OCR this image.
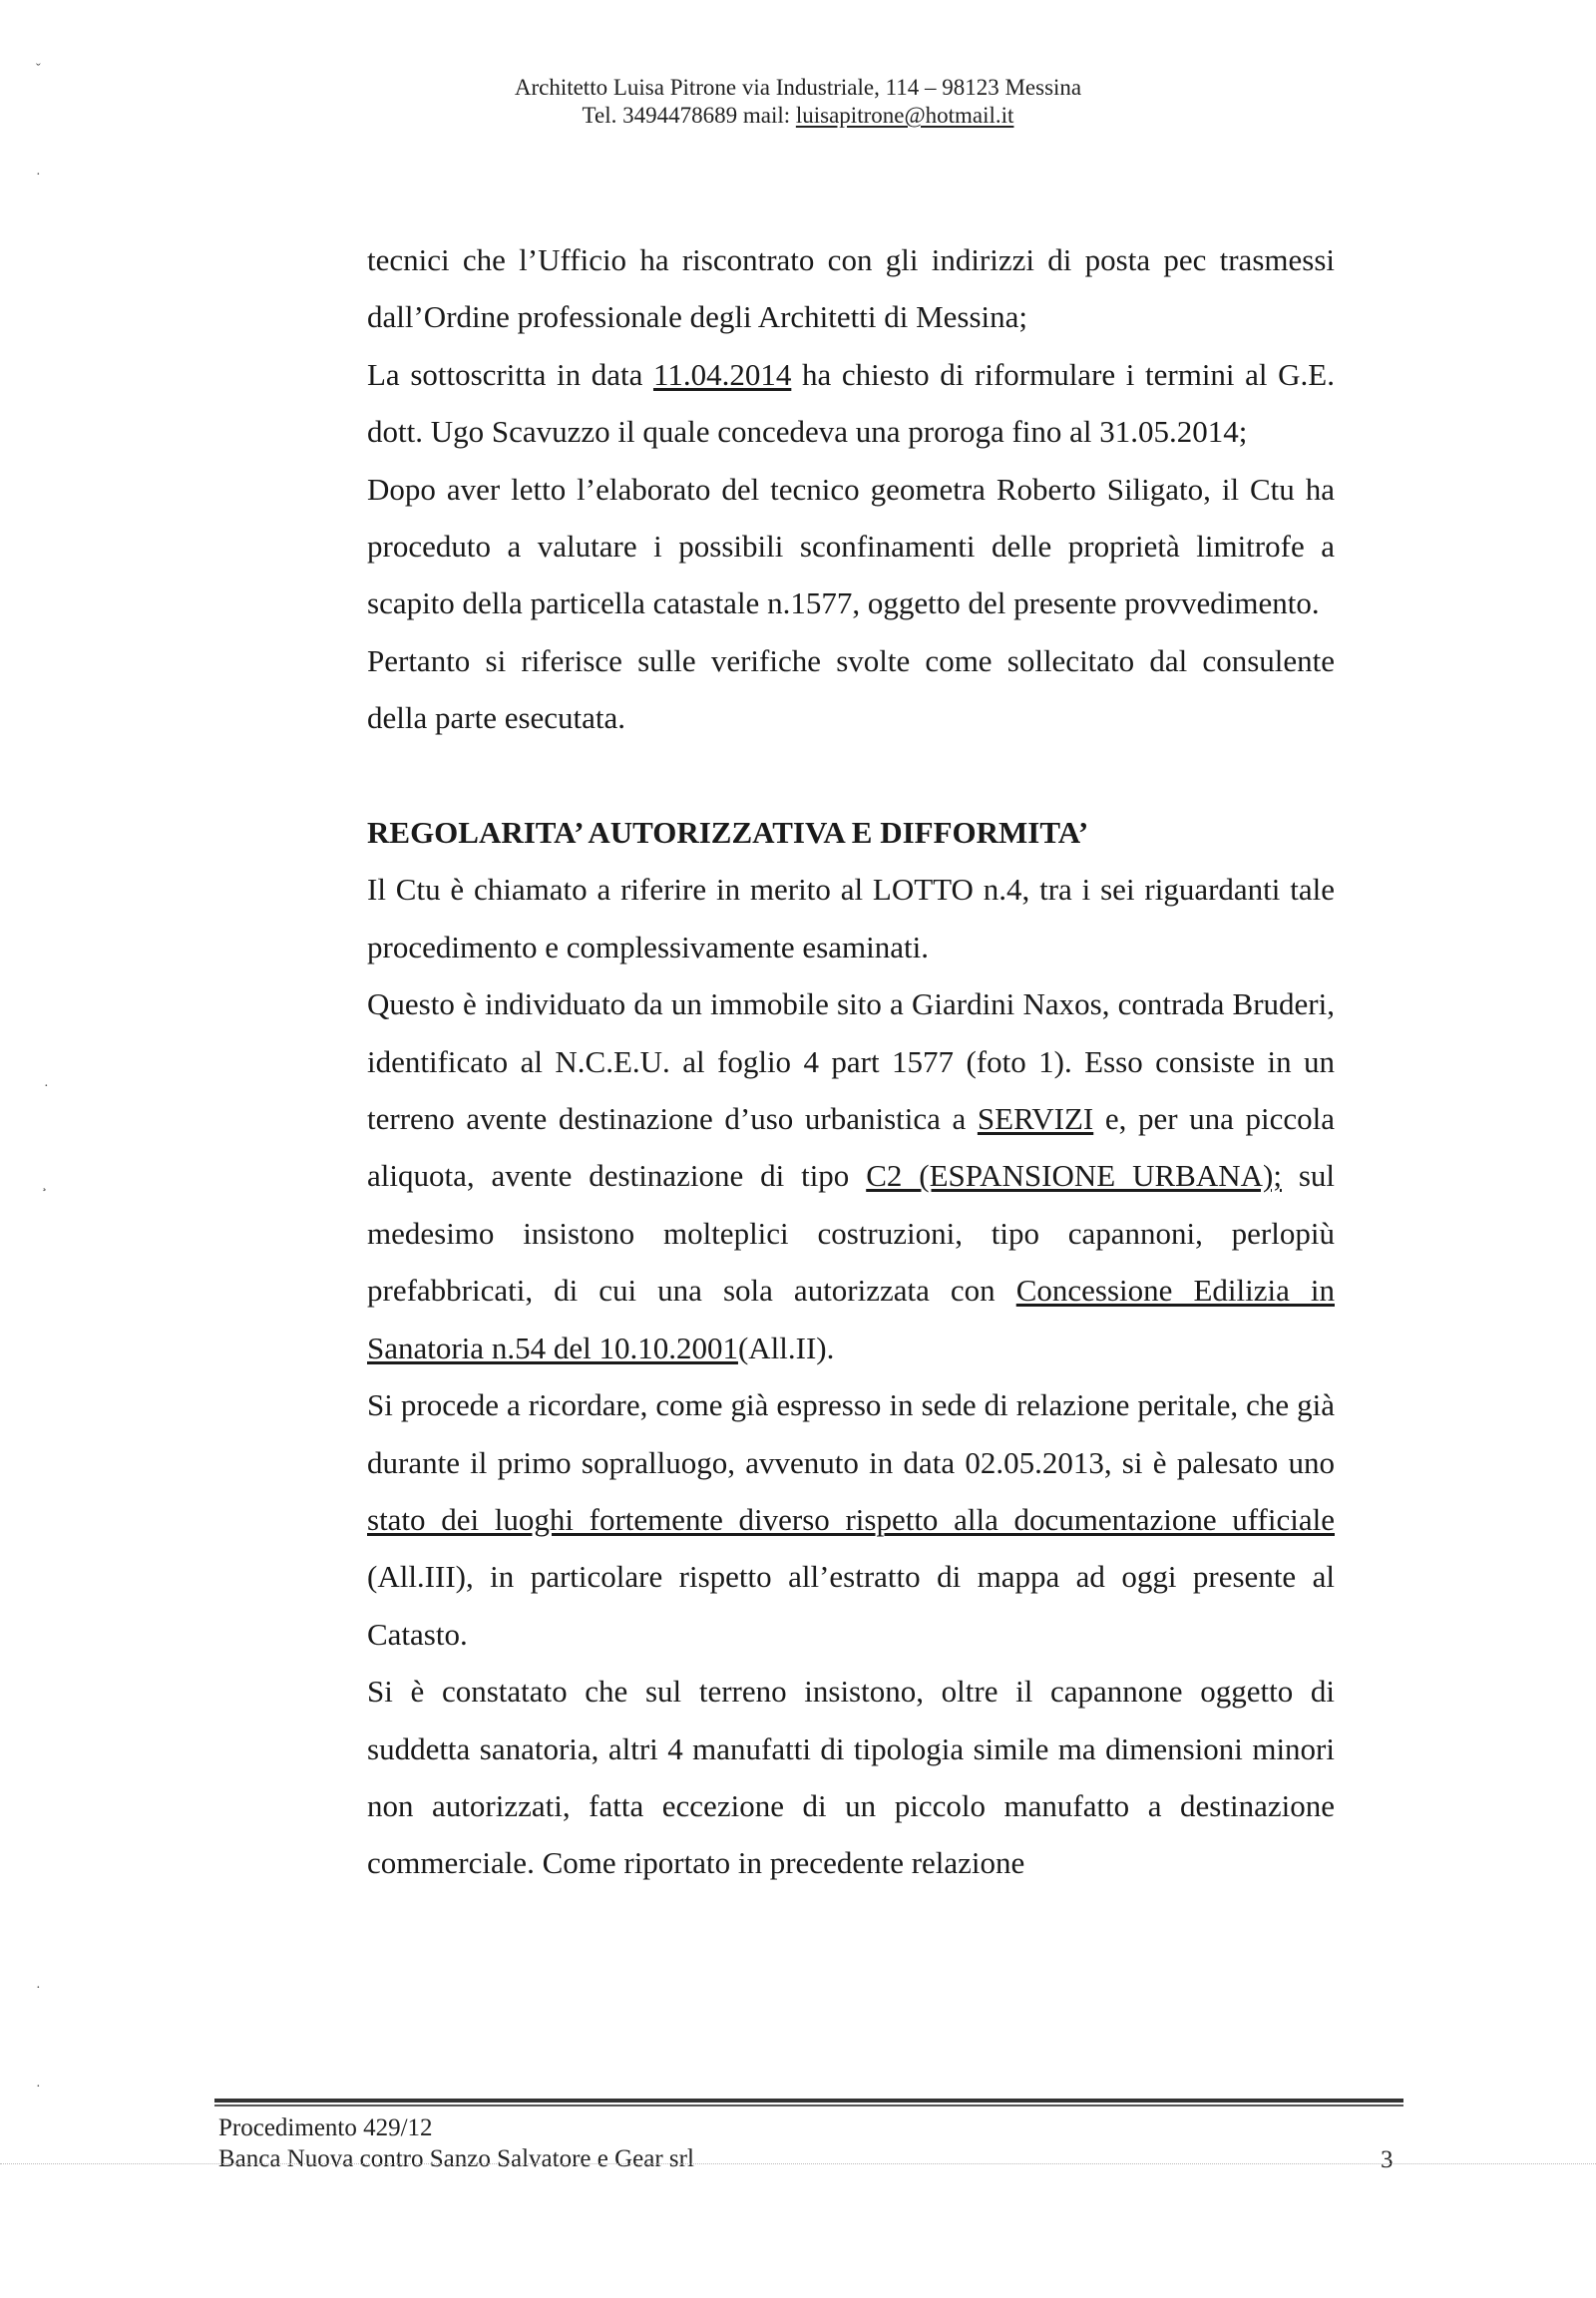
Architetto Luisa Pitrone via Industriale, 114 – 98123 Messina
Tel. 3494478689 mail: luisapitrone@hotmail.it
ˇ
·
·
¸
·
·

tecnici che l’Ufficio ha riscontrato con gli indirizzi di posta pec trasmessi dall’Ordine professionale degli Architetti di Messina;

La sottoscritta in data 11.04.2014 ha chiesto di riformulare i termini al G.E. dott. Ugo Scavuzzo il quale concedeva una proroga fino al 31.05.2014;

Dopo aver letto l’elaborato del tecnico geometra Roberto Siligato, il Ctu ha proceduto a valutare i possibili sconfinamenti delle proprietà limitrofe a scapito della particella catastale n.1577, oggetto del presente provvedimento.

Pertanto si riferisce sulle verifiche svolte come sollecitato dal consulente della parte esecutata.

REGOLARITA’ AUTORIZZATIVA E DIFFORMITA’

Il Ctu è chiamato a riferire in merito al LOTTO n.4, tra i sei riguardanti tale procedimento e complessivamente esaminati.

Questo è individuato da un immobile sito a Giardini Naxos, contrada Bruderi, identificato al N.C.E.U. al foglio 4 part 1577 (foto 1). Esso consiste in un terreno avente destinazione d’uso urbanistica a SERVIZI e, per una piccola aliquota, avente destinazione di tipo C2 (ESPANSIONE URBANA); sul medesimo insistono molteplici costruzioni, tipo capannoni, perlopiù prefabbricati, di cui una sola autorizzata con Concessione Edilizia in Sanatoria n.54 del 10.10.2001(All.II).

Si procede a ricordare, come già espresso in sede di relazione peritale, che già durante il primo sopralluogo, avvenuto in data 02.05.2013, si è palesato uno stato dei luoghi fortemente diverso rispetto alla documentazione ufficiale (All.III), in particolare rispetto all’estratto di mappa ad oggi presente al Catasto.

Si è constatato che sul terreno insistono, oltre il capannone oggetto di suddetta sanatoria, altri 4 manufatti di tipologia simile ma dimensioni minori non autorizzati, fatta eccezione di un piccolo manufatto a destinazione commerciale. Come riportato in precedente relazione

Procedimento 429/12
Banca Nuova contro Sanzo Salvatore e Gear srl	3
